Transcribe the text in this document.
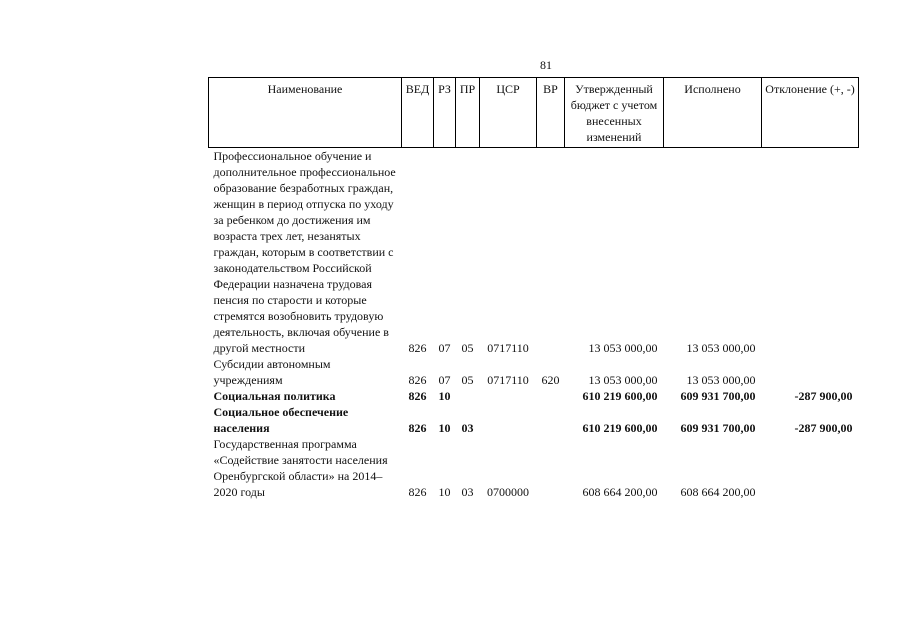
81
Наименование	ВЕД	РЗ	ПР	ЦСР	ВР	Утвержденный бюджет с учетом внесенных изменений	Исполнено	Отклонение (+, -)
Профессиональное обучение и дополнительное профессиональное образование безработных граждан, женщин в период отпуска по уходу за ребенком до достижения им возраста трех лет, незанятых граждан, которым в соответствии с законодательством Российской Федерации назначена трудовая пенсия по старости и которые стремятся возобновить трудовую деятельность, включая обучение в другой местности	826	07	05	0717110		13 053 000,00	13 053 000,00	
Субсидии автономным учреждениям	826	07	05	0717110	620	13 053 000,00	13 053 000,00	
Социальная политика	826	10				610 219 600,00	609 931 700,00	-287 900,00
Социальное обеспечение населения	826	10	03			610 219 600,00	609 931 700,00	-287 900,00
Государственная программа «Содействие занятости населения Оренбургской области» на 2014–2020 годы	826	10	03	0700000		608 664 200,00	608 664 200,00	
